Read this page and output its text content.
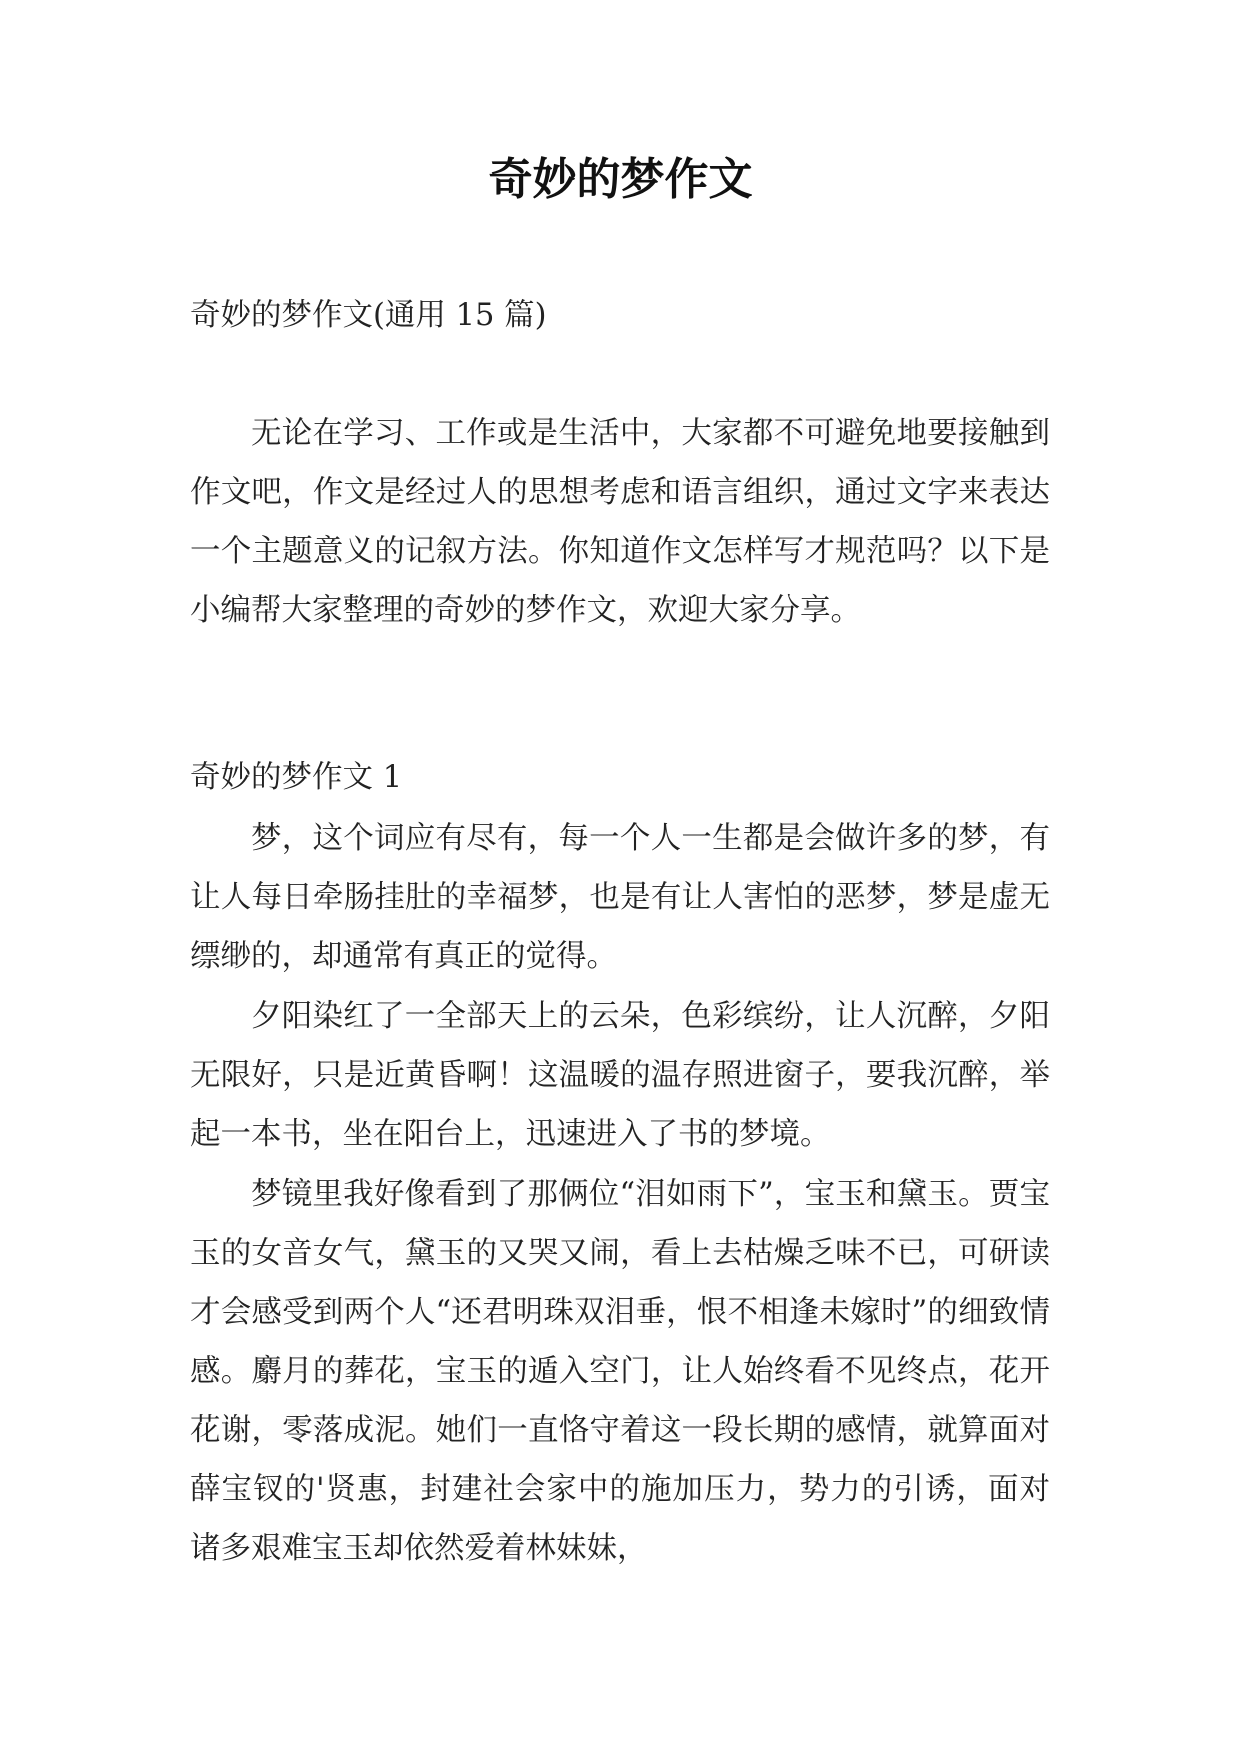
奇妙的梦作文

奇妙的梦作文(通用 15 篇)

无论在学习、工作或是生活中，大家都不可避免地要接触到作文吧，作文是经过人的思想考虑和语言组织，通过文字来表达一个主题意义的记叙方法。你知道作文怎样写才规范吗？以下是小编帮大家整理的奇妙的梦作文，欢迎大家分享。

奇妙的梦作文 1

梦，这个词应有尽有，每一个人一生都是会做许多的梦，有让人每日牵肠挂肚的幸福梦，也是有让人害怕的恶梦，梦是虚无缥缈的，却通常有真正的觉得。

夕阳染红了一全部天上的云朵，色彩缤纷，让人沉醉，夕阳无限好，只是近黄昏啊！这温暖的温存照进窗子，要我沉醉，举起一本书，坐在阳台上，迅速进入了书的梦境。

梦镜里我好像看到了那俩位“泪如雨下”，宝玉和黛玉。贾宝玉的女音女气，黛玉的又哭又闹，看上去枯燥乏味不已，可研读才会感受到两个人“还君明珠双泪垂，恨不相逢未嫁时”的细致情感。麝月的葬花，宝玉的遁入空门，让人始终看不见终点，花开花谢，零落成泥。她们一直恪守着这一段长期的感情，就算面对薛宝钗的'贤惠，封建社会家中的施加压力，势力的引诱，面对诸多艰难宝玉却依然爱着林妹妹，
